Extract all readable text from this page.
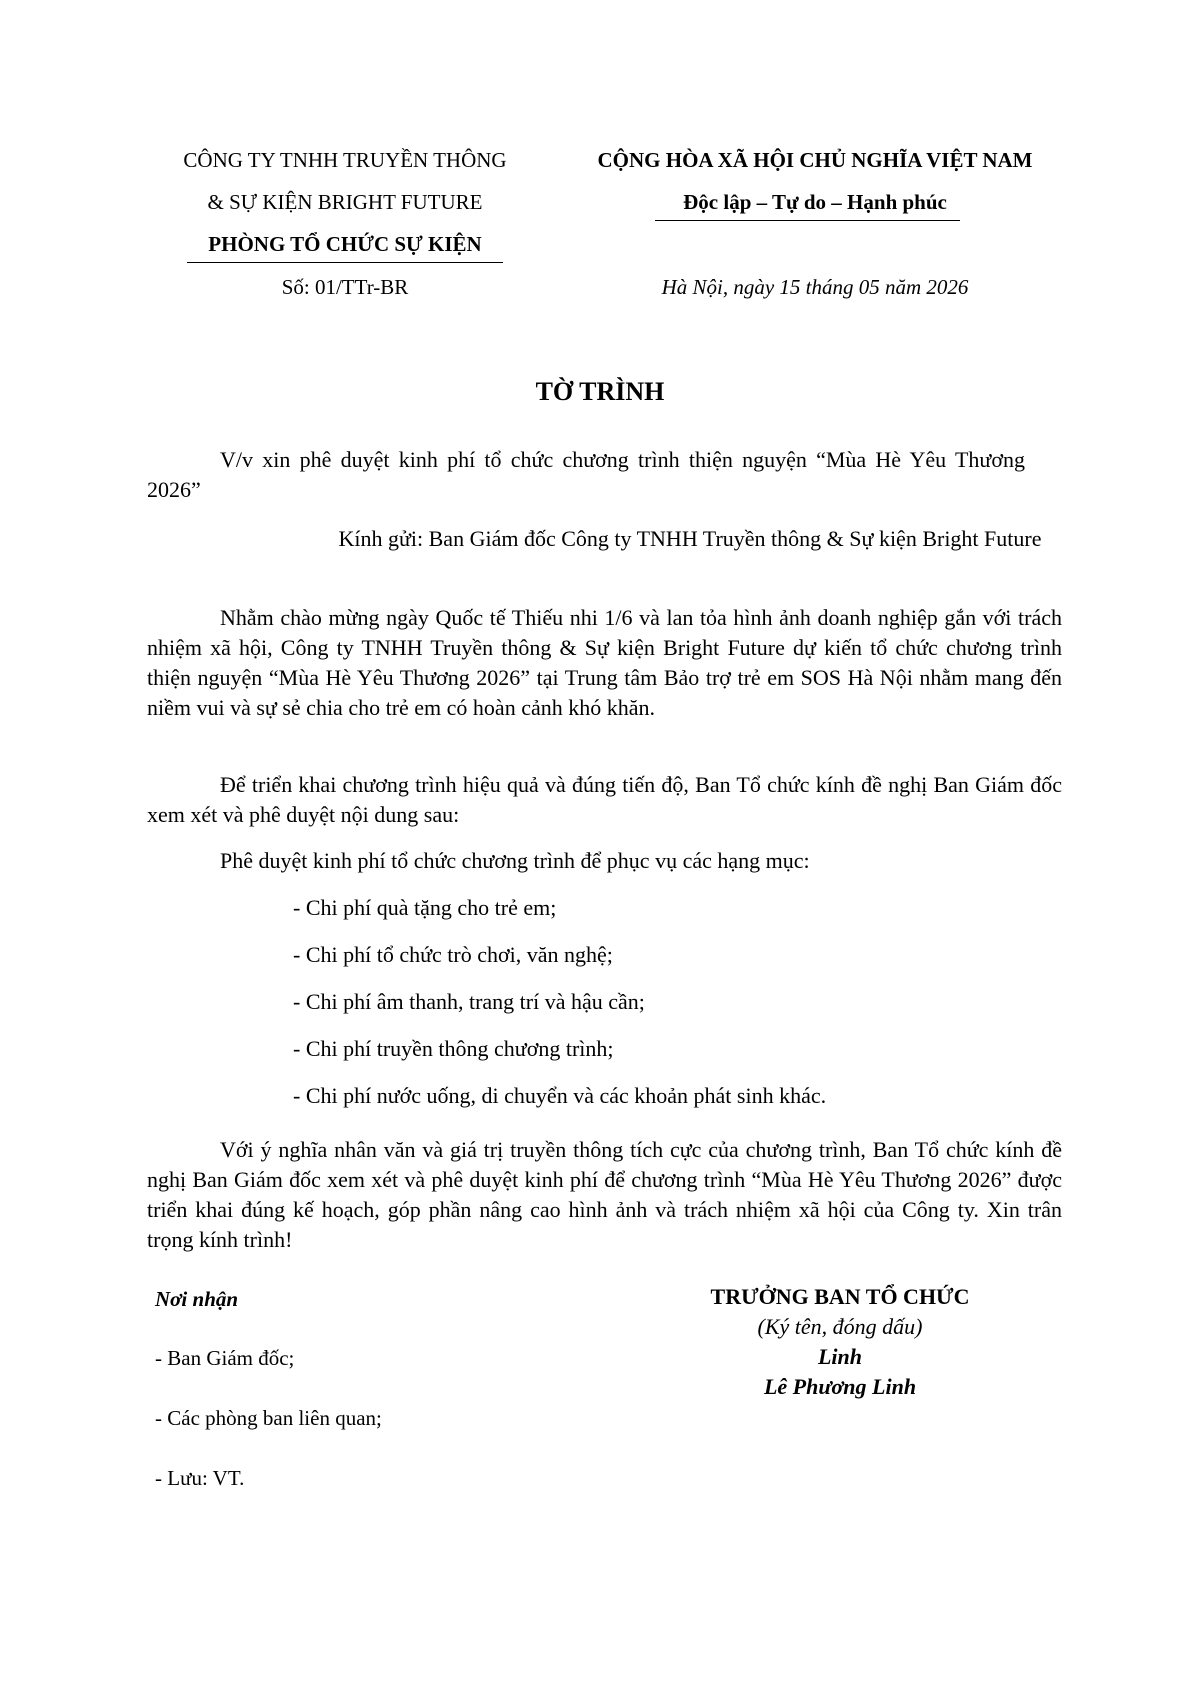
CÔNG TY TNHH TRUYỀN THÔNG
& SỰ KIỆN BRIGHT FUTURE
PHÒNG TỔ CHỨC SỰ KIỆN
Số: 01/TTr-BR
CỘNG HÒA XÃ HỘI CHỦ NGHĨA VIỆT NAM
Độc lập – Tự do – Hạnh phúc
Hà Nội, ngày 15 tháng 05 năm 2026
TỜ TRÌNH
V/v xin phê duyệt kinh phí tổ chức chương trình thiện nguyện “Mùa Hè Yêu Thương 2026”
Kính gửi: Ban Giám đốc Công ty TNHH Truyền thông & Sự kiện Bright Future
Nhằm chào mừng ngày Quốc tế Thiếu nhi 1/6 và lan tỏa hình ảnh doanh nghiệp gắn với trách nhiệm xã hội, Công ty TNHH Truyền thông & Sự kiện Bright Future dự kiến tổ chức chương trình thiện nguyện “Mùa Hè Yêu Thương 2026” tại Trung tâm Bảo trợ trẻ em SOS Hà Nội nhằm mang đến niềm vui và sự sẻ chia cho trẻ em có hoàn cảnh khó khăn.
Để triển khai chương trình hiệu quả và đúng tiến độ, Ban Tổ chức kính đề nghị Ban Giám đốc xem xét và phê duyệt nội dung sau:
Phê duyệt kinh phí tổ chức chương trình để phục vụ các hạng mục:
- Chi phí quà tặng cho trẻ em;
- Chi phí tổ chức trò chơi, văn nghệ;
- Chi phí âm thanh, trang trí và hậu cần;
- Chi phí truyền thông chương trình;
- Chi phí nước uống, di chuyển và các khoản phát sinh khác.
Với ý nghĩa nhân văn và giá trị truyền thông tích cực của chương trình, Ban Tổ chức kính đề nghị Ban Giám đốc xem xét và phê duyệt kinh phí để chương trình “Mùa Hè Yêu Thương 2026” được triển khai đúng kế hoạch, góp phần nâng cao hình ảnh và trách nhiệm xã hội của Công ty. Xin trân trọng kính trình!
Nơi nhận
- Ban Giám đốc;
- Các phòng ban liên quan;
- Lưu: VT.
TRƯỞNG BAN TỔ CHỨC
(Ký tên, đóng dấu)
Linh
Lê Phương Linh
